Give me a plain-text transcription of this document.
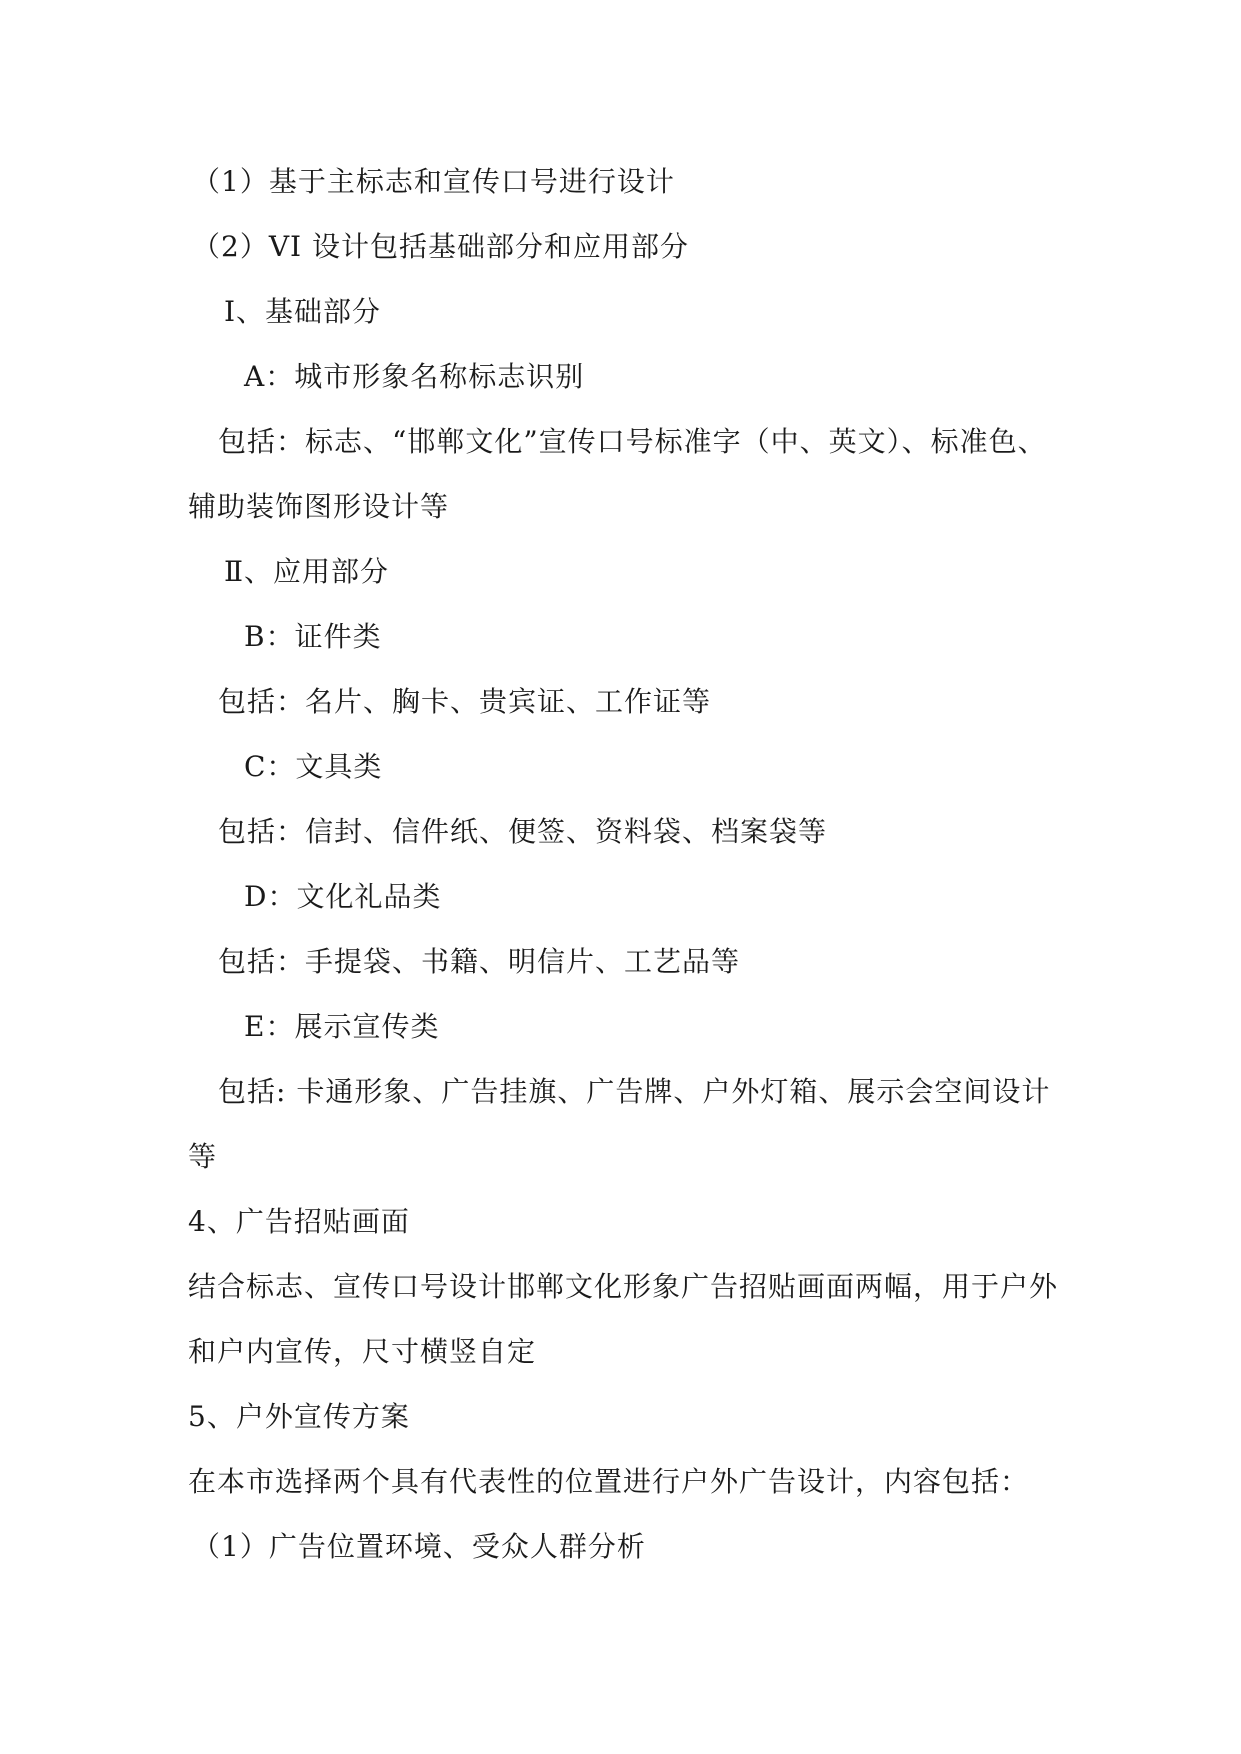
（1）基于主标志和宣传口号进行设计
（2）VI 设计包括基础部分和应用部分
Ⅰ、基础部分
A：城市形象名称标志识别
包括：标志、“邯郸文化”宣传口号标准字（中、英文）、标准色、
辅助装饰图形设计等
Ⅱ、应用部分
B：证件类
包括：名片、胸卡、贵宾证、工作证等
C：文具类
包括：信封、信件纸、便签、资料袋、档案袋等
D：文化礼品类
包括：手提袋、书籍、明信片、工艺品等
E：展示宣传类
包括: 卡通形象、广告挂旗、广告牌、户外灯箱、展示会空间设计
等
4、广告招贴画面
结合标志、宣传口号设计邯郸文化形象广告招贴画面两幅，用于户外
和户内宣传，尺寸横竖自定
5、户外宣传方案
在本市选择两个具有代表性的位置进行户外广告设计，内容包括：
（1）广告位置环境、受众人群分析
